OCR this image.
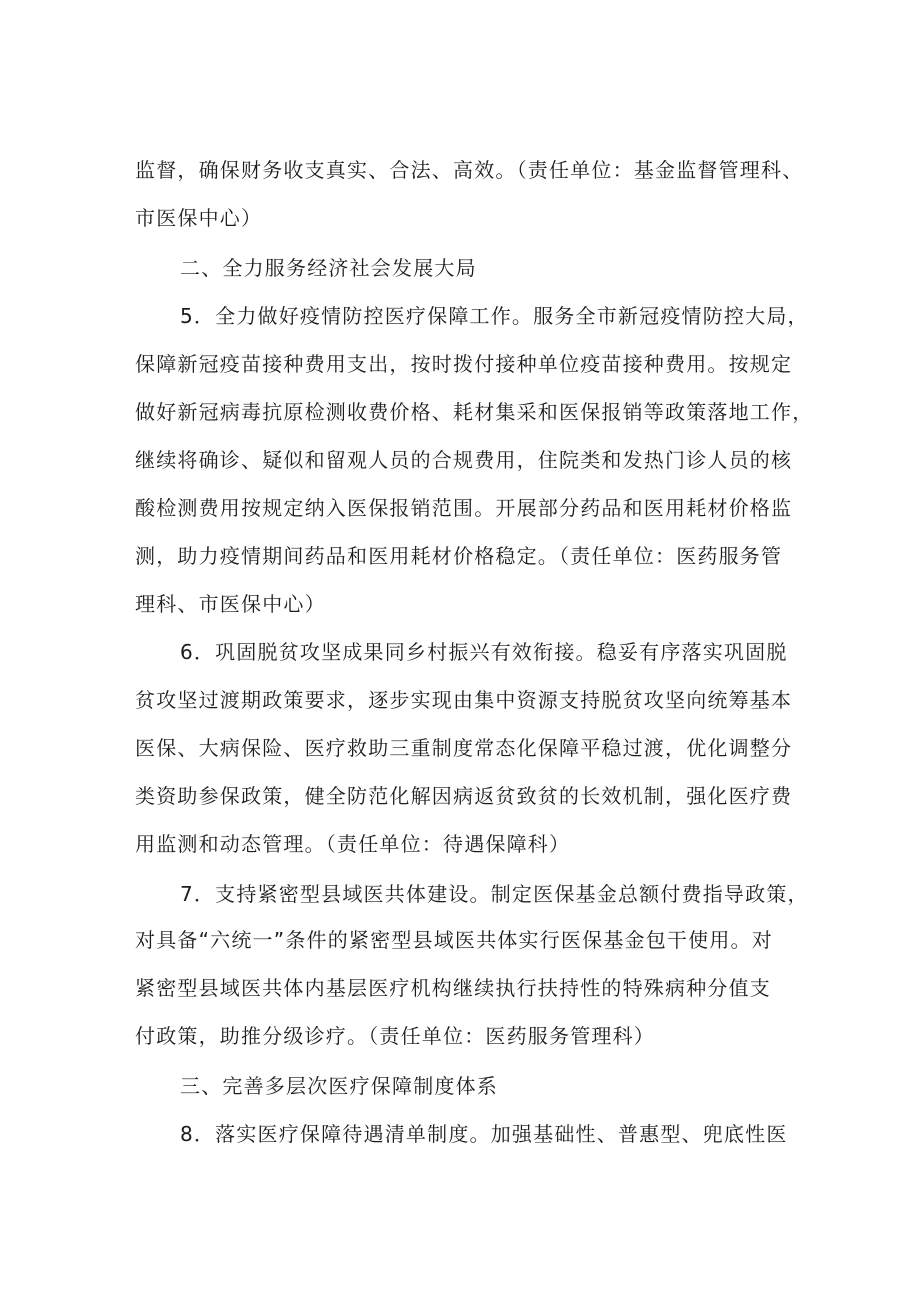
监督，确保财务收支真实、合法、高效。（责任单位：基金监督管理科、
市医保中心）
二、全力服务经济社会发展大局
5．全力做好疫情防控医疗保障工作。服务全市新冠疫情防控大局，
保障新冠疫苗接种费用支出，按时拨付接种单位疫苗接种费用。按规定
做好新冠病毒抗原检测收费价格、耗材集采和医保报销等政策落地工作，
继续将确诊、疑似和留观人员的合规费用，住院类和发热门诊人员的核
酸检测费用按规定纳入医保报销范围。开展部分药品和医用耗材价格监
测，助力疫情期间药品和医用耗材价格稳定。（责任单位：医药服务管
理科、市医保中心）
6．巩固脱贫攻坚成果同乡村振兴有效衔接。稳妥有序落实巩固脱
贫攻坚过渡期政策要求，逐步实现由集中资源支持脱贫攻坚向统筹基本
医保、大病保险、医疗救助三重制度常态化保障平稳过渡，优化调整分
类资助参保政策，健全防范化解因病返贫致贫的长效机制，强化医疗费
用监测和动态管理。（责任单位：待遇保障科）
7．支持紧密型县域医共体建设。制定医保基金总额付费指导政策，
对具备“六统一”条件的紧密型县域医共体实行医保基金包干使用。对
紧密型县域医共体内基层医疗机构继续执行扶持性的特殊病种分值支
付政策，助推分级诊疗。（责任单位：医药服务管理科）
三、完善多层次医疗保障制度体系
8．落实医疗保障待遇清单制度。加强基础性、普惠型、兜底性医
